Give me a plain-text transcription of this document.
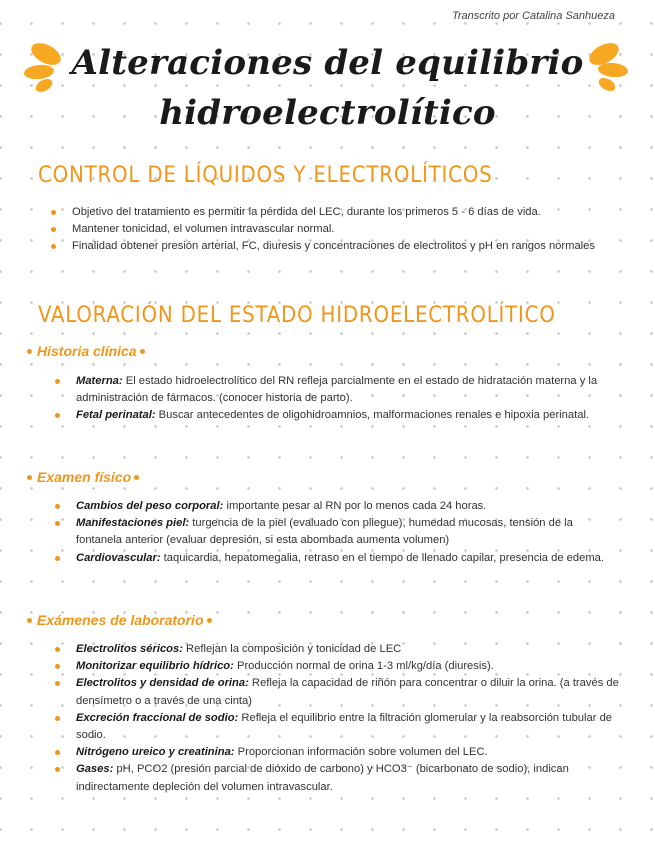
Transcrito por Catalina Sanhueza
Alteraciones del equilibrio
hidroelectrolítico
CONTROL DE LÍQUIDOS Y ELECTROLÍTICOS
Objetivo del tratamiento es permitir la pérdida del LEC, durante los primeros 5 - 6 días de vida.
Mantener tonicidad, el volumen intravascular normal.
Finalidad obtener presión arterial, FC, diuresis y concentraciones de electrolitos y pH en rangos normales
VALORACIÓN DEL ESTADO HIDROELECTROLÍTICO
Historia clínica
Materna: El estado hidroelectrolítico del RN refleja parcialmente en el estado de hidratación materna y la administración de fármacos. (conocer historia de parto).
Fetal perinatal: Buscar antecedentes de oligohidroamnios, malformaciones renales e hipoxia perinatal.
Examen físico
Cambios del peso corporal: importante pesar al RN por lo menos cada 24 horas.
Manifestaciones piel: turgencia de la piel (evaluado con pliegue), humedad mucosas, tensión de la fontanela anterior (evaluar depresión, si esta abombada aumenta volumen)
Cardiovascular: taquicardia, hepatomegalia, retraso en el tiempo de llenado capilar, presencia de edema.
Exámenes de laboratorio
Electrolitos séricos: Reflejan la composición y tonicidad de LEC
Monitorizar equilibrio hídrico: Producción normal de orina 1-3 ml/kg/día (diuresis).
Electrolitos y densidad de orina: Refleja la capacidad de riñón para concentrar o diluir la orina. (a través de densímetro o a través de una cinta)
Excreción fraccional de sodio: Refleja el equilibrio entre la filtración glomerular y la reabsorción tubular de sodio.
Nitrógeno ureico y creatinina: Proporcionan información sobre volumen del LEC.
Gases: pH, PCO2 (presión parcial de dióxido de carbono) y HCO3⁻ (bicarbonato de sodio), indican indirectamente depleción del volumen intravascular.
